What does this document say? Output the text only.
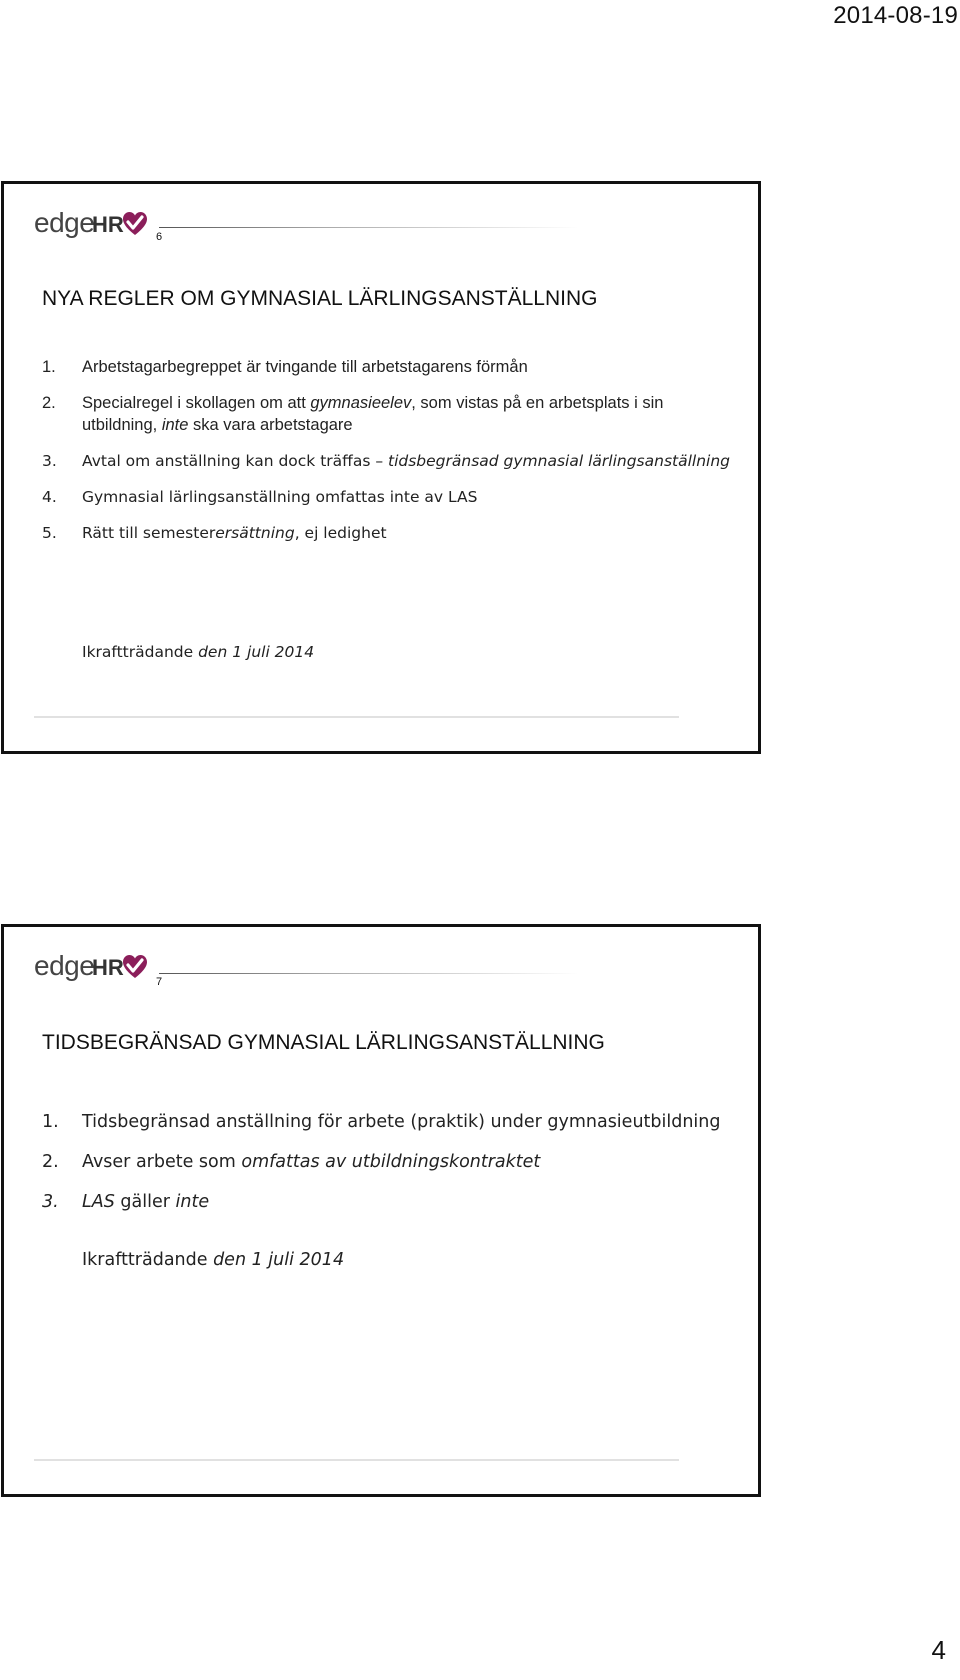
2014-08-19
edge
HR	6
NYA REGLER OM GYMNASIAL LÄRLINGSANSTÄLLNING
1. Arbetstagarbegreppet är tvingande till arbetstagarens förmån
2. Specialregel i skollagen om att gymnasieelev, som vistas på en arbetsplats i sin utbildning, inte ska vara arbetstagare
3. Avtal om anställning kan dock träffas – tidsbegränsad gymnasial lärlingsanställning
4. Gymnasial lärlingsanställning omfattas inte av LAS
5. Rätt till semesterersättning, ej ledighet
Ikraftträdande den 1 juli 2014
edge
HR
7
TIDSBEGRÄNSAD GYMNASIAL LÄRLINGSANSTÄLLNING
1. Tidsbegränsad anställning för arbete (praktik) under gymnasieutbildning
2. Avser arbete som omfattas av utbildningskontraktet
3. LAS gäller inte
Ikraftträdande den 1 juli 2014
4
